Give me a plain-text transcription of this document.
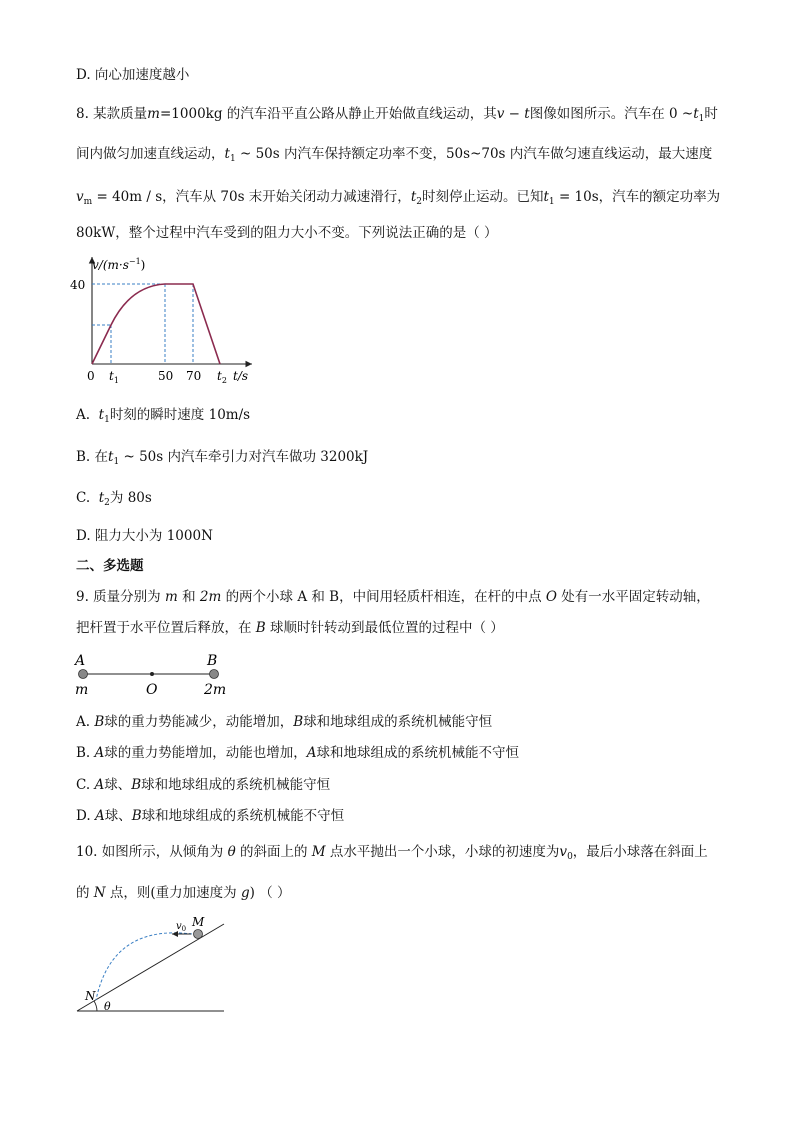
D. 向心加速度越小
8. 某款质量m=1000kg 的汽车沿平直公路从静止开始做直线运动，其v − t图像如图所示。汽车在 0 $\sim t_1$时
间内做匀加速直线运动，$t_1$ ~ 50s 内汽车保持额定功率不变，50s~70s 内汽车做匀速直线运动，最大速度
$v_m = 40m / s$，汽车从 70s 末开始关闭动力减速滑行，$t_2$时刻停止运动。已知$t_1 = 10s$，汽车的额定功率为
80kW，整个过程中汽车受到的阻力大小不变。下列说法正确的是（ ）
$v/(m\cdot s^{-1})$
40
0 $t_1$	50 70 $t_2$ t/s
A. $t_1$时刻的瞬时速度 10m/s
B. 在$t_1$ ~ 50s 内汽车牵引力对汽车做功 3200kJ
C. $t_2$为 80s
D. 阻力大小为 1000N
二、多选题
9. 质量分别为 m 和 2m 的两个小球 A 和 B，中间用轻质杆相连，在杆的中点 O 处有一水平固定转动轴，
把杆置于水平位置后释放，在 B 球顺时针转动到最低位置的过程中（ ）
A	B
m	O	2m
A. B球的重力势能减少，动能增加，B球和地球组成的系统机械能守恒
B. A球的重力势能增加，动能也增加，A球和地球组成的系统机械能不守恒
C. A球、B球和地球组成的系统机械能守恒
D. A球、B球和地球组成的系统机械能不守恒
10. 如图所示，从倾角为 θ 的斜面上的 M 点水平抛出一个小球，小球的初速度为$v_0$，最后小球落在斜面上
的 N 点，则(重力加速度为 g) （ ）
$v_0$ M
N
θ
